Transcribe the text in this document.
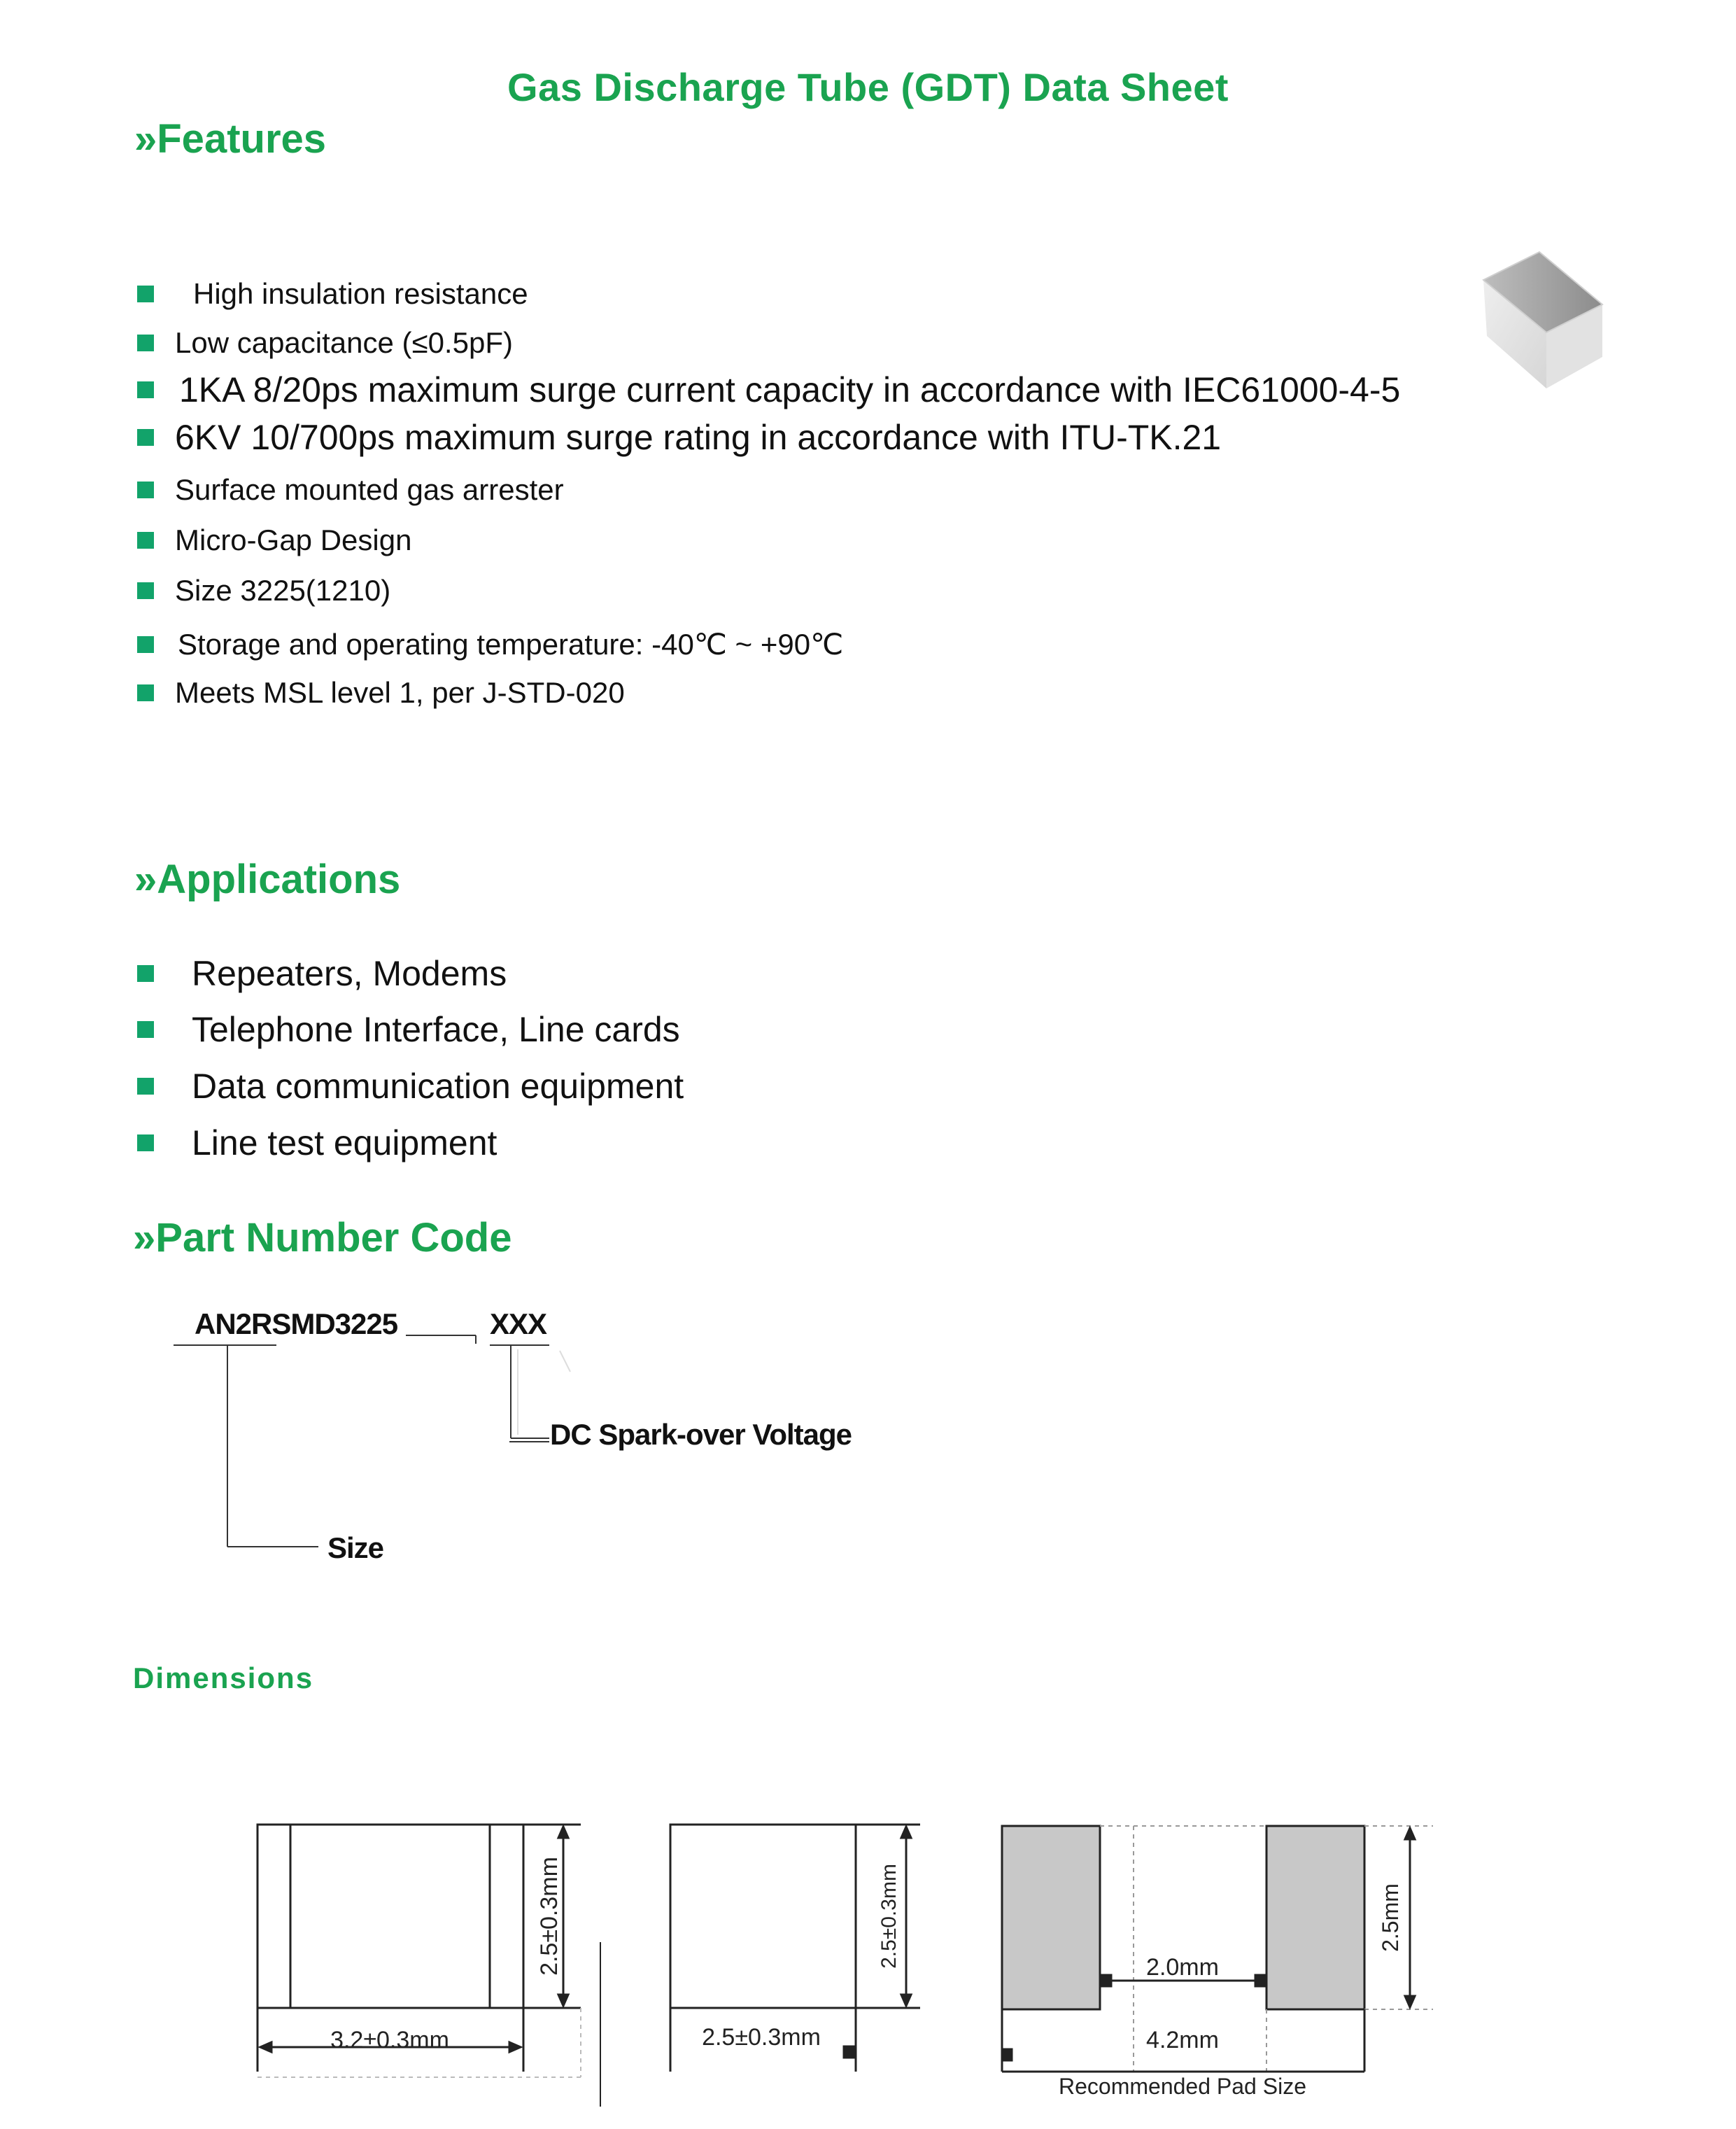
Gas Discharge Tube (GDT) Data Sheet
»Features
High insulation resistance
Low capacitance (≤0.5pF)
1KA 8/20ps maximum surge current capacity in accordance with IEC61000-4-5
6KV 10/700ps maximum surge rating in accordance with ITU-TK.21
Surface mounted gas arrester
Micro-Gap Design
Size 3225(1210)
Storage and operating temperature: -40℃ ~ +90℃
Meets MSL level 1, per J-STD-020
»Applications
Repeaters, Modems
Telephone Interface, Line cards
Data communication equipment
Line test equipment
»Part Number Code
AN2RSMD3225	XXX
DC Spark-over Voltage
Size
Dimensions
3.2±0.3mm
2.5±0.3mm
2.5±0.3mm
2.5±0.3mm	2.0mm
4.2mm
2.5mm
Recommended Pad Size
